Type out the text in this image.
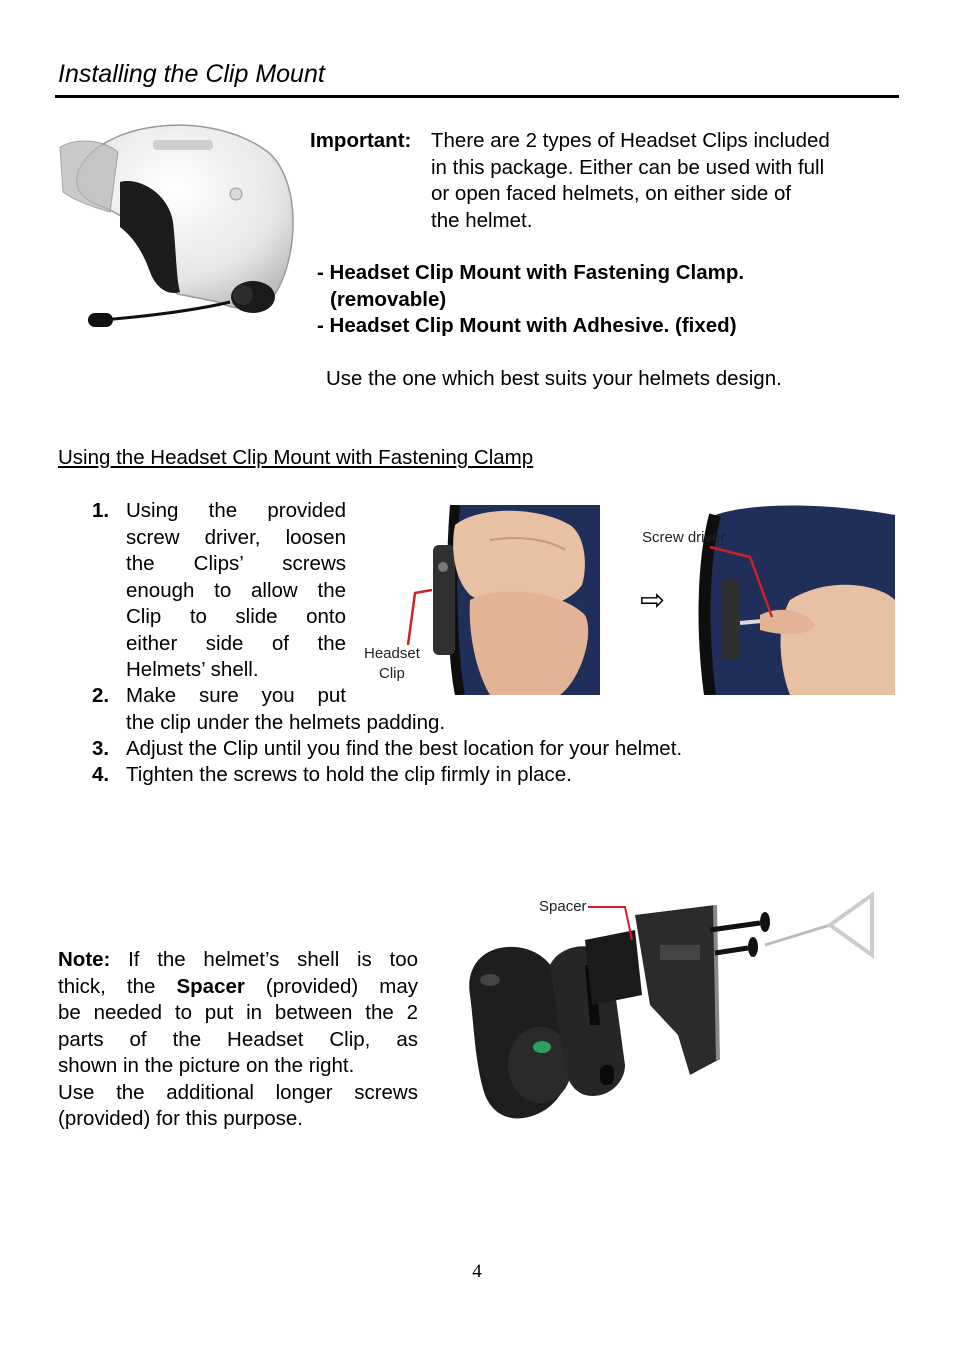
Installing the Clip Mount
Important: There are 2 types of Headset Clips included
in this package. Either can be used with full
or open faced helmets, on either side of
the helmet.
- Headset Clip Mount with Fastening Clamp.
(removable)
- Headset Clip Mount with Adhesive. (fixed)
Use the one which best suits your helmets design.
Using the Headset Clip Mount with Fastening Clamp
1. Using the provided
screw driver, loosen
the Clips’ screws
enough to allow the
Clip to slide onto
either side of the
Helmets’ shell.
2. Make sure you put
the clip under the helmets padding.
3. Adjust the Clip until you find the best location for your helmet.
4. Tighten the screws to hold the clip firmly in place.
Headset
Clip
⇨
Screw driver
Note: If the helmet’s shell is too
thick, the Spacer (provided) may
be needed to put in between the 2
parts of the Headset Clip, as
shown in the picture on the right.
Use the additional longer screws
(provided) for this purpose.
Spacer
4
